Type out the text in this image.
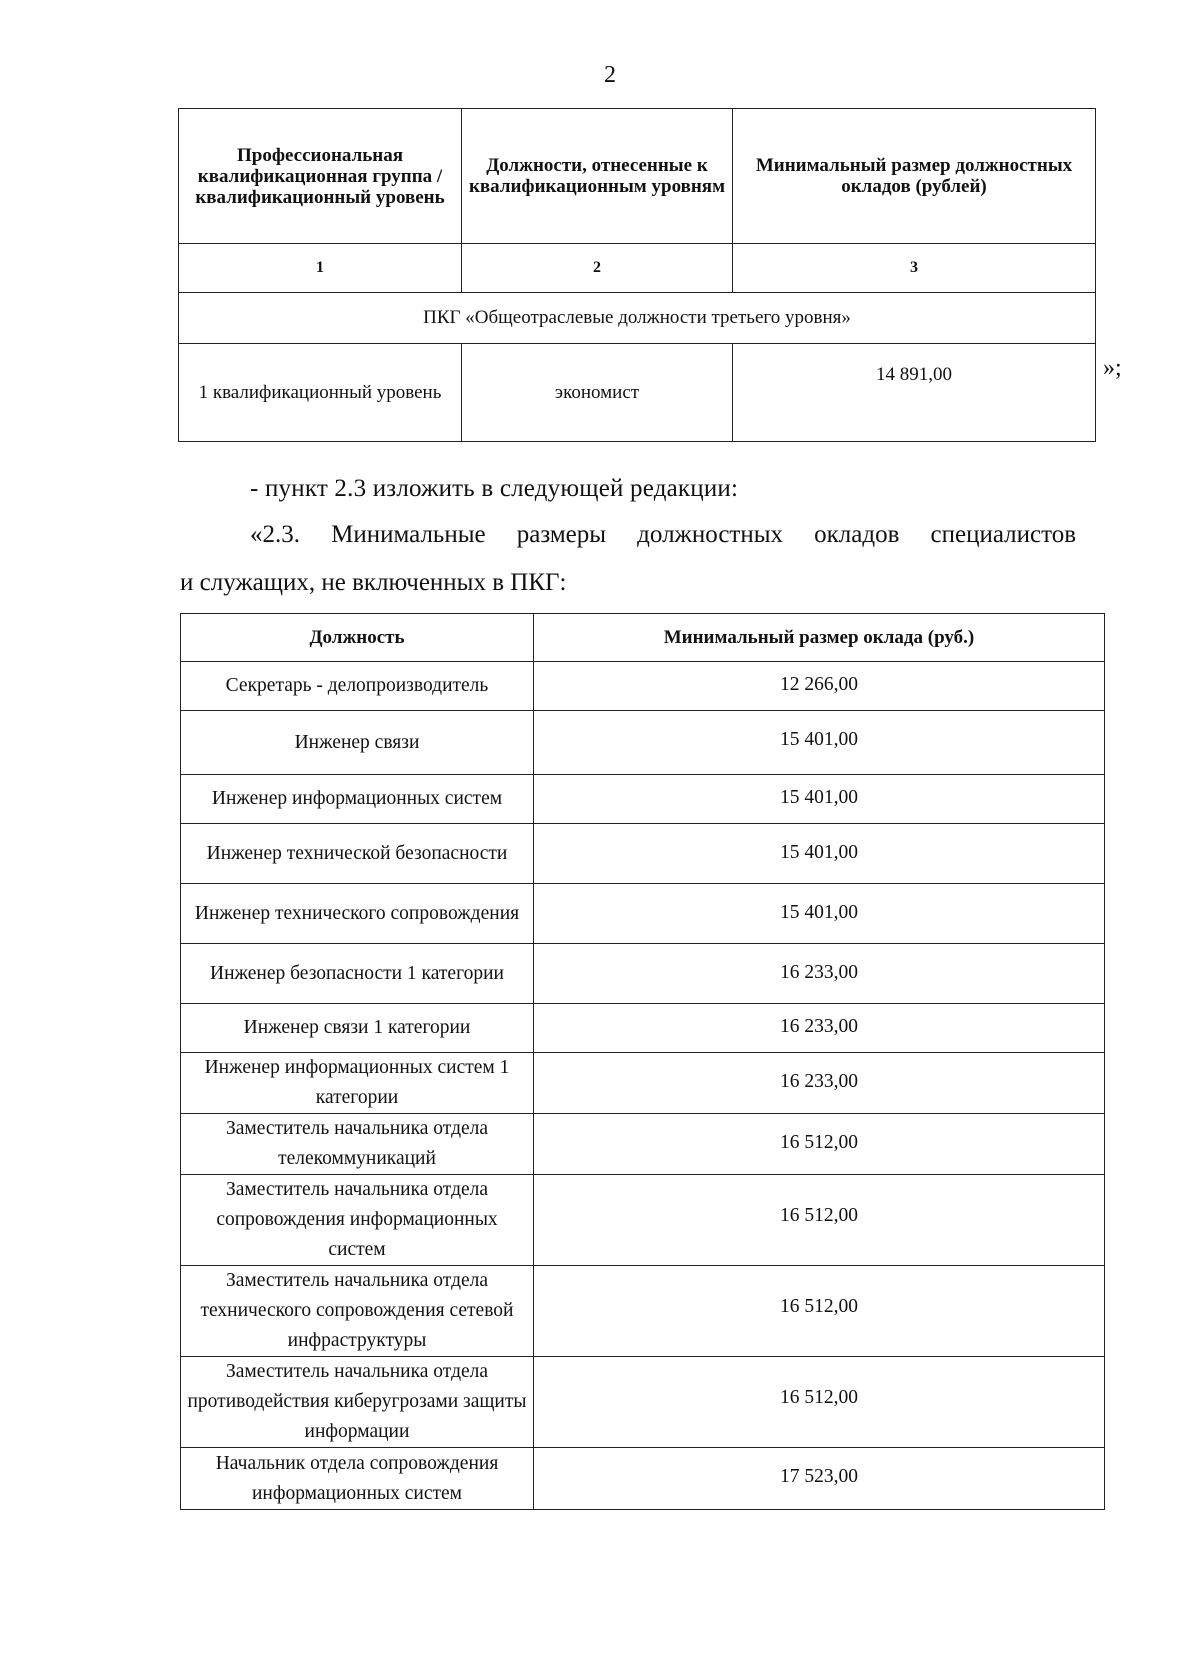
2
Профессиональная квалификационная группа / квалификационный уровень	Должности, отнесенные к квалификационным уровням	Минимальный размер должностных окладов (рублей)
1	2	3
ПКГ «Общеотраслевые должности третьего уровня»		
1 квалификационный уровень	экономист	14 891,00	»;
- пункт 2.3 изложить в следующей редакции:
«2.3. Минимальные размеры должностных окладов специалистов
и служащих, не включенных в ПКГ:
Должность	Минимальный размер оклада (руб.)
Секретарь - делопроизводитель	12 266,00
Инженер связи	15 401,00
Инженер информационных систем	15 401,00
Инженер технической безопасности	15 401,00
Инженер технического сопровождения	15 401,00
Инженер безопасности 1 категории	16 233,00
Инженер связи 1 категории	16 233,00
Инженер информационных систем 1 категории	16 233,00
Заместитель начальника отдела телекоммуникаций	16 512,00
Заместитель начальника отдела сопровождения информационных систем	16 512,00
Заместитель начальника отдела технического сопровождения сетевой инфраструктуры	16 512,00
Заместитель начальника отдела противодействия киберугрозами защиты информации	16 512,00
Начальник отдела сопровождения информационных систем	17 523,00
